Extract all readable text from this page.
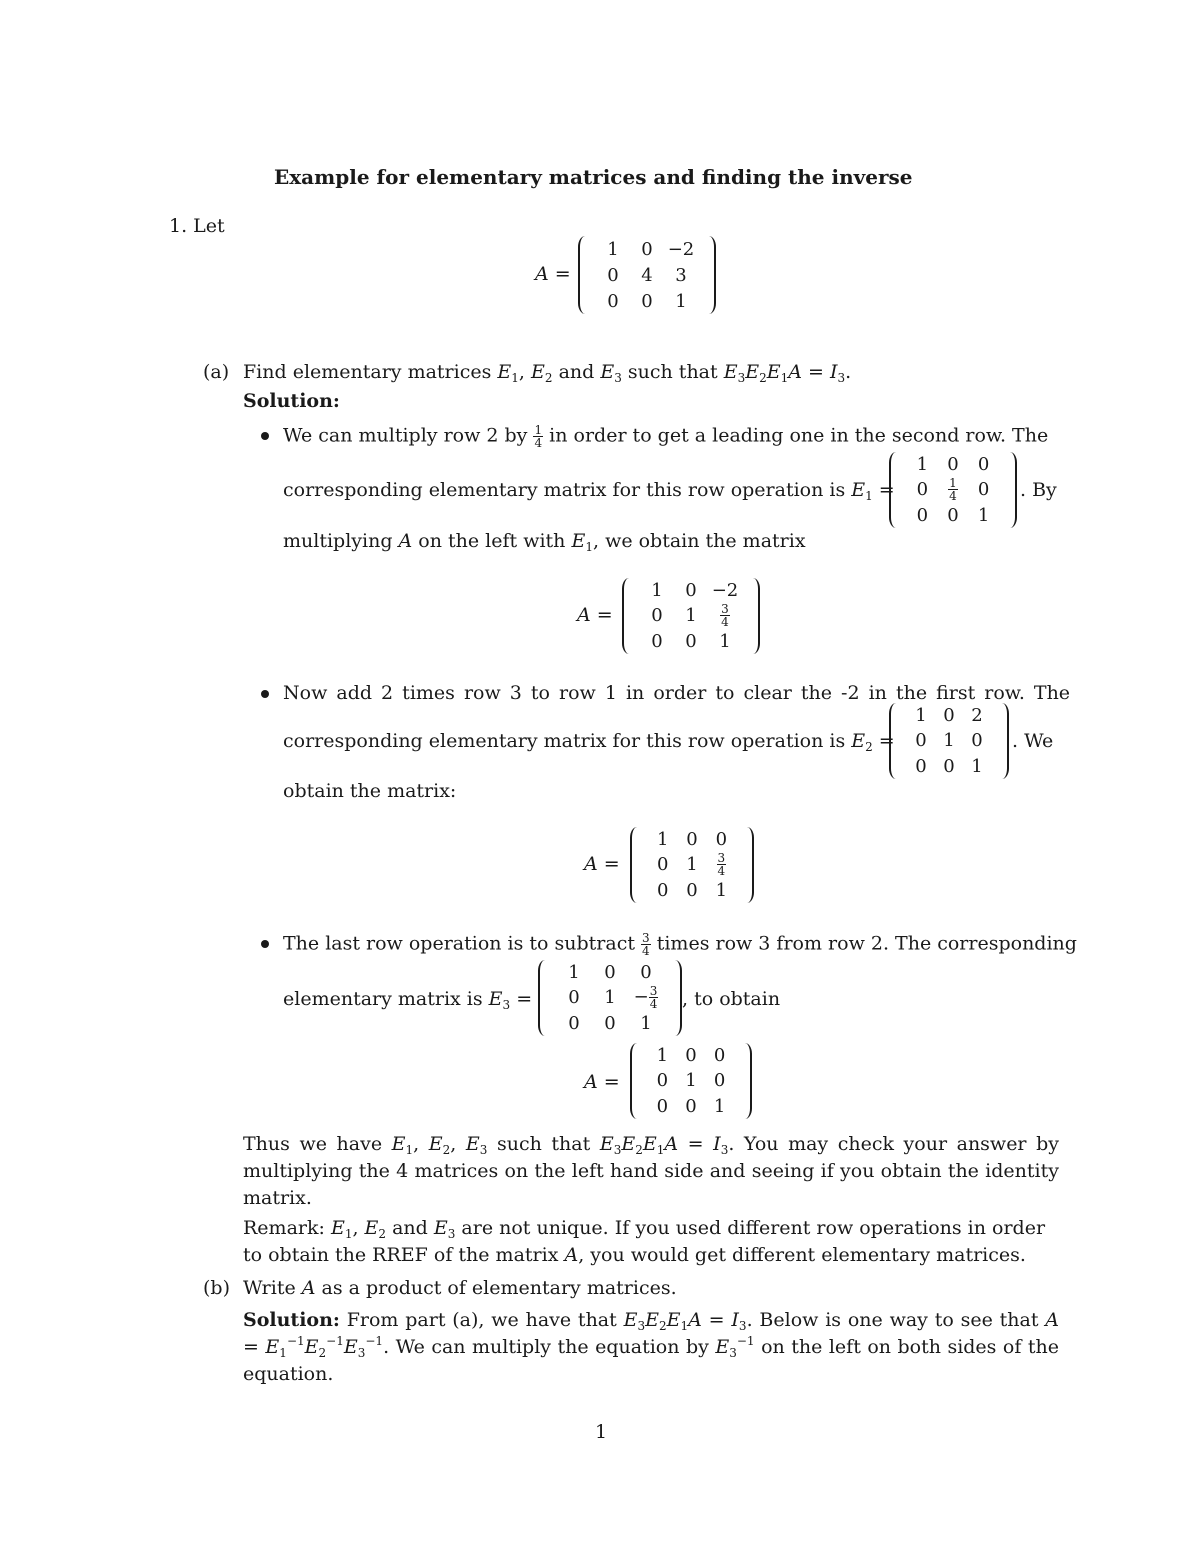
Example for elementary matrices and finding the inverse
1. Let
A =
1 0 −2
0 4 3
0 0 1
(a) Find elementary matrices $E_1$, $E_2$ and $E_3$ such that $E_3E_2E_1A = I_3$.
Solution:
We can multiply row 2 by $\frac{1}{4}$ in order to get a leading one in the second row. The
corresponding elementary matrix for this row operation is $E_1$ =
1 0 0
$0 \frac{1}{4} 0$
0 0 1
. By
multiplying A on the left with $E_1$, we obtain the matrix
A =
1 0 −2
0 $1 \frac{3}{4}$
0 0 1
Now add 2 times row 3 to row 1 in order to clear the -2 in the first row. The
corresponding elementary matrix for this row operation is $E_2$ =
1 0 2
0 1 0
0 0 1
. We
obtain the matrix:
A =
1 0 0
0 $1 \frac{3}{4}$
0 0 1
The last row operation is to subtract $\frac{3}{4}$ times row 3 from row 2. The corresponding
elementary matrix is $E_3$ =
1 0 0
0 $1 - \frac{3}{4}$
0 0 1
, to obtain
A =
1 0 0
0 1 0
0 0 1
Thus we have $E_1$, $E_2$, $E_3$ such that $E_3E_2E_1A = I_3$. You may check your answer by multiplying the 4 matrices on the left hand side and seeing if you obtain the identity matrix.
Remark: $E_1$, $E_2$ and $E_3$ are not unique. If you used different row operations in order to obtain the RREF of the matrix A, you would get different elementary matrices.
(b) Write A as a product of elementary matrices.
Solution: From part (a), we have that $E_3E_2E_1A = I_3$. Below is one way to see that $A = E_1^{-1}E_2^{-1}E_3^{-1}$. We can multiply the equation by $E_3^{-1}$ on the left on both sides of the equation.
1
